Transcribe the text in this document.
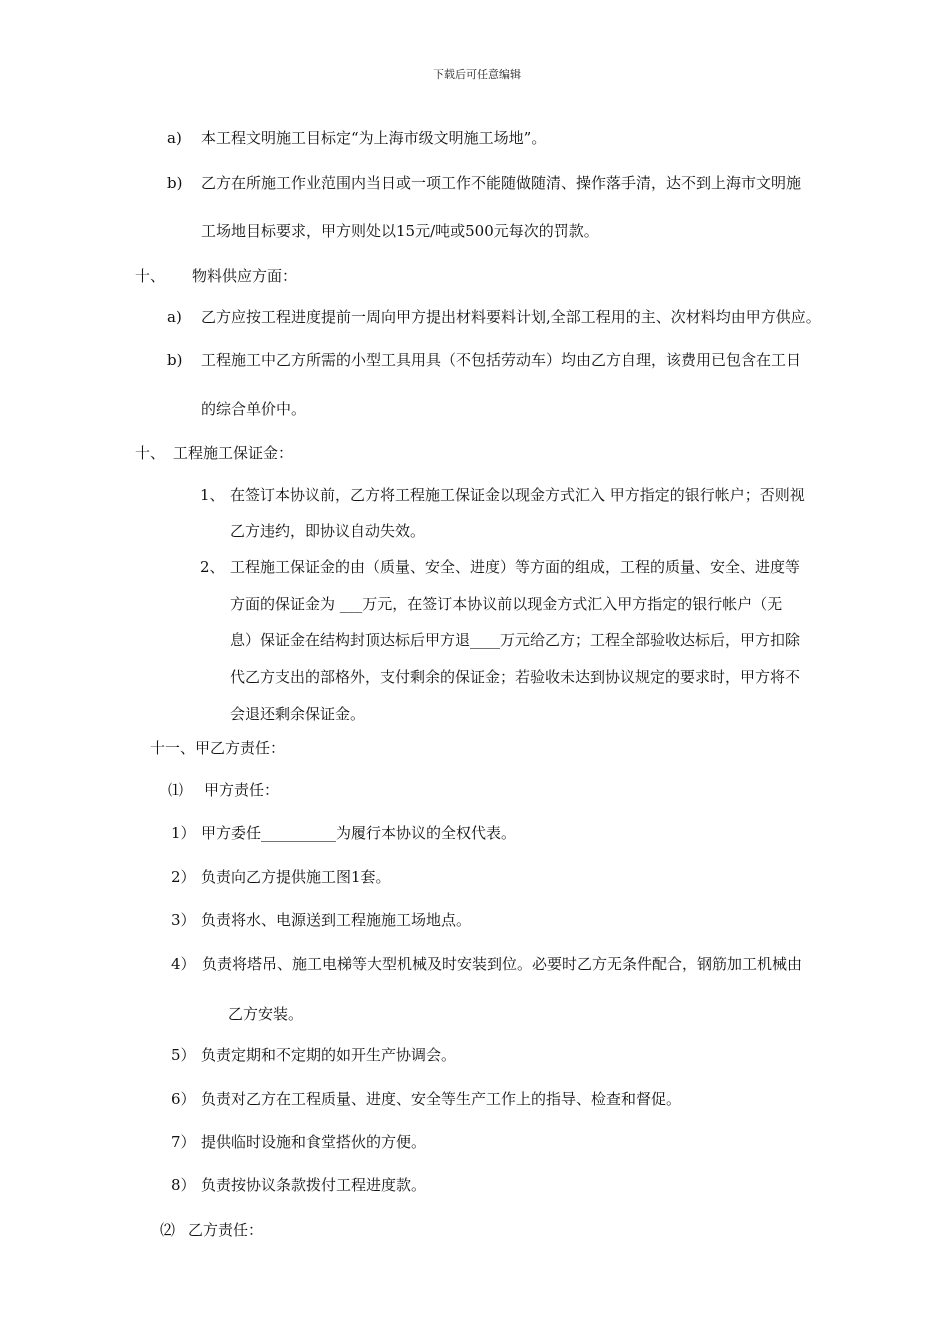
下载后可任意编辑
a) 本工程文明施工目标定“为上海市级文明施工场地”。
b) 乙方在所施工作业范围内当日或一项工作不能随做随清、操作落手清，达不到上海市文明施
工场地目标要求，甲方则处以15元/吨或500元每次的罚款。
十、 物料供应方面：
a) 乙方应按工程进度提前一周向甲方提出材料要料计划,全部工程用的主、次材料均由甲方供应。
b) 工程施工中乙方所需的小型工具用具（不包括劳动车）均由乙方自理，该费用已包含在工日
的综合单价中。
十、 工程施工保证金：
1、 在签订本协议前，乙方将工程施工保证金以现金方式汇入 甲方指定的银行帐户；否则视
乙方违约，即协议自动失效。
2、 工程施工保证金的由（质量、安全、进度）等方面的组成，工程的质量、安全、进度等
方面的保证金为 ___万元，在签订本协议前以现金方式汇入甲方指定的银行帐户（无
息）保证金在结构封顶达标后甲方退____万元给乙方；工程全部验收达标后，甲方扣除
代乙方支出的部格外，支付剩余的保证金；若验收未达到协议规定的要求时，甲方将不
会退还剩余保证金。
十一、甲乙方责任：
⑴ 甲方责任：
1） 甲方委任__________为履行本协议的全权代表。
2） 负责向乙方提供施工图1套。
3） 负责将水、电源送到工程施施工场地点。
4） 负责将塔吊、施工电梯等大型机械及时安装到位。必要时乙方无条件配合，钢筋加工机械由
乙方安装。
5） 负责定期和不定期的如开生产协调会。
6） 负责对乙方在工程质量、进度、安全等生产工作上的指导、检查和督促。
7） 提供临时设施和食堂搭伙的方便。
8） 负责按协议条款拨付工程进度款。
⑵ 乙方责任：
